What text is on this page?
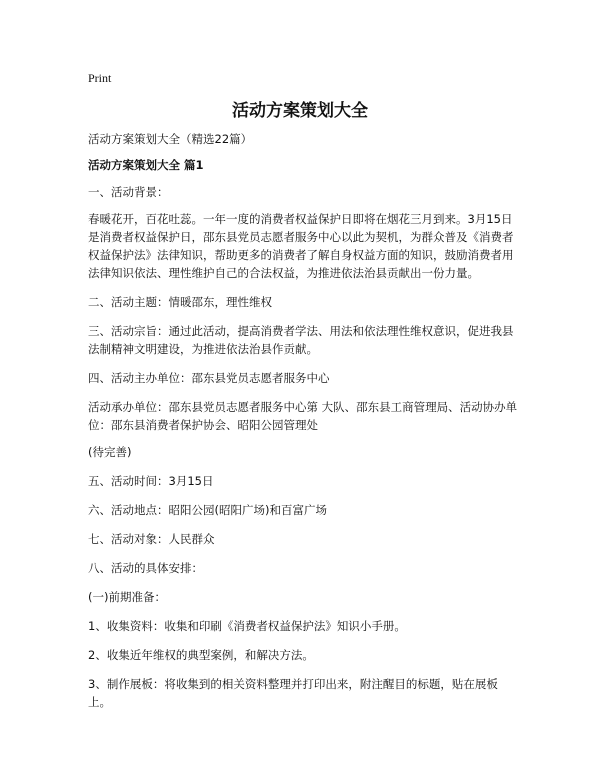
Print
活动方案策划大全

活动方案策划大全（精选22篇）

活动方案策划大全 篇1

一、活动背景：

春暖花开，百花吐蕊。一年一度的消费者权益保护日即将在烟花三月到来。3月15日是消费者权益保护日，邵东县党员志愿者服务中心以此为契机，为群众普及《消费者权益保护法》法律知识，帮助更多的消费者了解自身权益方面的知识，鼓励消费者用法律知识依法、理性维护自己的合法权益，为推进依法治县贡献出一份力量。

二、活动主题：情暖邵东，理性维权

三、活动宗旨：通过此活动，提高消费者学法、用法和依法理性维权意识，促进我县法制精神文明建设，为推进依法治县作贡献。

四、活动主办单位：邵东县党员志愿者服务中心

活动承办单位：邵东县党员志愿者服务中心第 大队、邵东县工商管理局、活动协办单位：邵东县消费者保护协会、昭阳公园管理处

(待完善)

五、活动时间：3月15日

六、活动地点：昭阳公园(昭阳广场)和百富广场

七、活动对象：人民群众

八、活动的具体安排：

(一)前期准备：

1、收集资料：收集和印刷《消费者权益保护法》知识小手册。

2、收集近年维权的典型案例，和解决方法。

3、制作展板：将收集到的相关资料整理并打印出来，附注醒目的标题，贴在展板上。
